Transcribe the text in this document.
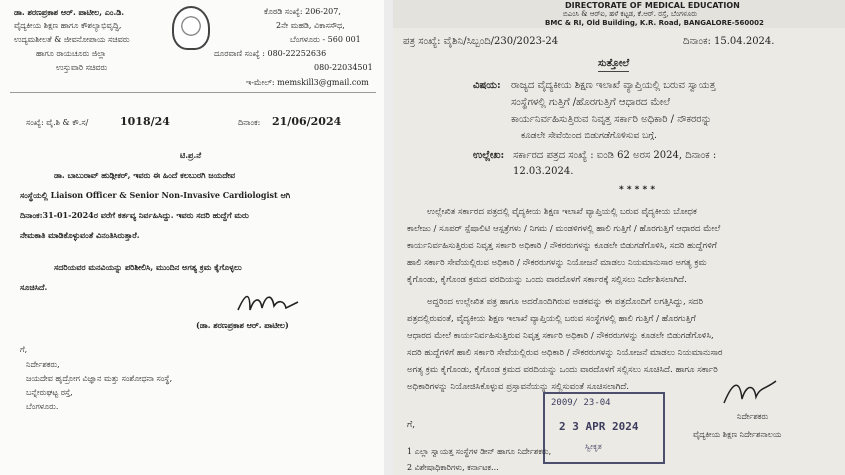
ಡಾ. ಶರಣಪ್ರಕಾಶ ಆರ್. ಪಾಟೀಲ, ಎಂ.ಡಿ.
ವೈದ್ಯಕೀಯ ಶಿಕ್ಷಣ ಹಾಗೂ ಕೌಶಲ್ಯಾಭಿವೃದ್ಧಿ,
ಉದ್ಯಮಶೀಲತೆ & ಜೀವನೋಪಾಯ ಸಚಿವರು
ಹಾಗೂ ರಾಯಚೂರು ಜಿಲ್ಲಾ
ಉಸ್ತುವಾರಿ ಸಚಿವರು
ಕೊಠಡಿ ಸಂಖ್ಯೆ: 206-207,
2ನೇ ಮಹಡಿ, ವಿಕಾಸಸೌಧ,
ಬೆಂಗಳೂರು - 560 001
ದೂರವಾಣಿ ಸಂಖ್ಯೆ : 080-22252636
080-22034501
ಇ-ಮೇಲ್: memskill3@gmail.com
ಸಂಖ್ಯೆ: ವೈ.ಶಿ & ಕೌ.ಸ/	1018/24	ದಿನಾಂಕ: 21/06/2024
ಟಿ.ಪ್ರ.ನೆ
ಡಾ. ಬಾಬುರಾವ್ ಹುಡ್ಗೀಕರ್, ಇವರು ಈ ಹಿಂದೆ ಕಲಬುರಗಿ ಜಯದೇವ
ಸಂಸ್ಥೆಯಲ್ಲಿ Liaison Officer & Senior Non-Invasive Cardiologist ಆಗಿ
ದಿನಾಂಕ:31-01-2024ರ ವರೆಗೆ ಕರ್ತವ್ಯ ನಿರ್ವಹಿಸಿದ್ದು. ಇವರು ಸದರಿ ಹುದ್ದೆಗೆ ಮರು
ನೇಮಕಾತಿ ಮಾಡಿಕೊಳ್ಳುವಂತೆ ವಿನಂತಿಸಿರುತ್ತಾರೆ.
ಸದರಿಯವರ ಮನವಿಯನ್ನು ಪರಿಶೀಲಿಸಿ, ಮುಂದಿನ ಅಗತ್ಯ ಕ್ರಮ ಕೈಗೊಳ್ಳಲು
ಸೂಚಿಸಿದೆ.
(ಡಾ. ಶರಣಪ್ರಕಾಶ ಆರ್. ಪಾಟೀಲ)
ಗೆ,
ನಿರ್ದೇಶಕರು,
ಜಯದೇವ ಹೃದ್ರೋಗ ವಿಜ್ಞಾನ ಮತ್ತು ಸಂಶೋಧನಾ ಸಂಸ್ಥೆ,
ಬನ್ನೇರುಘಟ್ಟ ರಸ್ತೆ,
ಬೆಂಗಳೂರು.
DIRECTORATE OF MEDICAL EDUCATION
ಬಿಎಂಸಿ & ಆರ್‌ಐ, ಹಳೆ ಕಟ್ಟಡ, ಕೆ.ಆರ್. ರಸ್ತೆ, ಬೆಂಗಳೂರು
BMC & RI, Old Building, K.R. Road, BANGALORE-560002
ಪತ್ರ ಸಂಖ್ಯೆ: ವೈಶಿನಿ/ಸಿಬ್ಬಂದಿ/230/2023-24	ದಿನಾಂಕ: 15.04.2024.
ಸುತ್ತೋಲೆ
ವಿಷಯ: ರಾಜ್ಯದ ವೈದ್ಯಕೀಯ ಶಿಕ್ಷಣ ಇಲಾಖೆ ವ್ಯಾಪ್ತಿಯಲ್ಲಿ ಬರುವ ಸ್ವಾಯತ್ತ
ಸಂಸ್ಥೆಗಳಲ್ಲಿ ಗುತ್ತಿಗೆ /ಹೊರಗುತ್ತಿಗೆ ಆಧಾರದ ಮೇಲೆ
ಕಾರ್ಯನಿರ್ವಹಿಸುತ್ತಿರುವ ನಿವೃತ್ತ ಸರ್ಕಾರಿ ಅಧಿಕಾರಿ / ನೌಕರರನ್ನು
ಕೂಡಲೇ ಸೇವೆಯಿಂದ ಬಿಡುಗಡೆಗೊಳಿಸುವ ಬಗ್ಗೆ.
ಉಲ್ಲೇಖ: ಸರ್ಕಾರದ ಪತ್ರದ ಸಂಖ್ಯೆ : ಐಂಡಿ 62 ಅರಸ 2024, ದಿನಾಂಕ :
12.03.2024.
* * * * *
ಉಲ್ಲೇಖಿತ ಸರ್ಕಾರದ ಪತ್ರದಲ್ಲಿ ವೈದ್ಯಕೀಯ ಶಿಕ್ಷಣ ಇಲಾಖೆ ವ್ಯಾಪ್ತಿಯಲ್ಲಿ ಬರುವ ವೈದ್ಯಕೀಯ ಬೋಧಕ
ಕಾಲೇಜು / ಸೂಪರ್ ಸ್ಪೆಷಾಲಿಟಿ ಆಸ್ಪತ್ರೆಗಳು / ನಿಗಮ / ಮಂಡಳಿಗಳಲ್ಲಿ ಹಾಲಿ ಗುತ್ತಿಗೆ / ಹೊರಗುತ್ತಿಗೆ ಆಧಾರದ ಮೇಲೆ
ಕಾರ್ಯನಿರ್ವಹಿಸುತ್ತಿರುವ ನಿವೃತ್ತ ಸರ್ಕಾರಿ ಅಧಿಕಾರಿ / ನೌಕರರುಗಳನ್ನು ಕೂಡಲೇ ಬಿಡುಗಡೆಗೊಳಿಸಿ, ಸದರಿ ಹುದ್ದೆಗಳಿಗೆ
ಹಾಲಿ ಸರ್ಕಾರಿ ಸೇವೆಯಲ್ಲಿರುವ ಅಧಿಕಾರಿ / ನೌಕರರುಗಳನ್ನು ನಿಯೋಜನೆ ಮಾಡಲು ನಿಯಮಾನುಸಾರ ಅಗತ್ಯ ಕ್ರಮ
ಕೈಗೊಂಡು, ಕೈಗೊಂಡ ಕ್ರಮದ ವರದಿಯನ್ನು ಒಂದು ವಾರದೊಳಗೆ ಸರ್ಕಾರಕ್ಕೆ ಸಲ್ಲಿಸಲು ನಿರ್ದೇಶಿಸಲಾಗಿದೆ.
ಅದ್ದರಿಂದ ಉಲ್ಲೇಖಿತ ಪತ್ರ ಹಾಗೂ ಅದರೊಂದಿಗಿರುವ ಅಡಕವನ್ನು ಈ ಪತ್ರದೊಂದಿಗೆ ಲಗತ್ತಿಸಿದ್ದು, ಸದರಿ
ಪತ್ರದಲ್ಲಿರುವಂತೆ, ವೈದ್ಯಕೀಯ ಶಿಕ್ಷಣ ಇಲಾಖೆ ವ್ಯಾಪ್ತಿಯಲ್ಲಿ ಬರುವ ಸಂಸ್ಥೆಗಳಲ್ಲಿ ಹಾಲಿ ಗುತ್ತಿಗೆ / ಹೊರಗುತ್ತಿಗೆ
ಆಧಾರದ ಮೇಲೆ ಕಾರ್ಯನಿರ್ವಹಿಸುತ್ತಿರುವ ನಿವೃತ್ತ ಸರ್ಕಾರಿ ಅಧಿಕಾರಿ / ನೌಕರರುಗಳನ್ನು ಕೂಡಲೇ ಬಿಡುಗಡೆಗೊಳಿಸಿ,
ಸದರಿ ಹುದ್ದೆಗಳಿಗೆ ಹಾಲಿ ಸರ್ಕಾರಿ ಸೇವೆಯಲ್ಲಿರುವ ಅಧಿಕಾರಿ / ನೌಕರರುಗಳನ್ನು ನಿಯೋಜನೆ ಮಾಡಲು ನಿಯಮಾನುಸಾರ
ಅಗತ್ಯ ಕ್ರಮ ಕೈಗೊಂಡು, ಕೈಗೊಂಡ ಕ್ರಮದ ವರದಿಯನ್ನು ಒಂದು ವಾರದೊಳಗೆ ಸಲ್ಲಿಸಲು ಸೂಚಿಸಿದೆ. ಹಾಗೂ ಸರ್ಕಾರಿ
ಅಧಿಕಾರಿಗಳನ್ನು ನಿಯೋಜಿಸಿಕೊಳ್ಳುವ ಪ್ರಸ್ತಾವನೆಯನ್ನು ಸಲ್ಲಿಸುವಂತೆ ಸೂಚಿಸಲಾಗಿದೆ.
2009/ 23-04
2 3 APR 2024
ಸ್ವೀಕೃತ
ನಿರ್ದೇಶಕರು
ವೈದ್ಯಕೀಯ ಶಿಕ್ಷಣ ನಿರ್ದೇಶನಾಲಯ
ಗೆ,
1 ಎಲ್ಲಾ ಸ್ವಾಯತ್ತ ಸಂಸ್ಥೆಗಳ ಡೀನ್ ಹಾಗೂ ನಿರ್ದೇಶಕರು,
2 ವಿಶೇಷಾಧಿಕಾರಿಗಳು, ಕರ್ನಾಟಕ...
